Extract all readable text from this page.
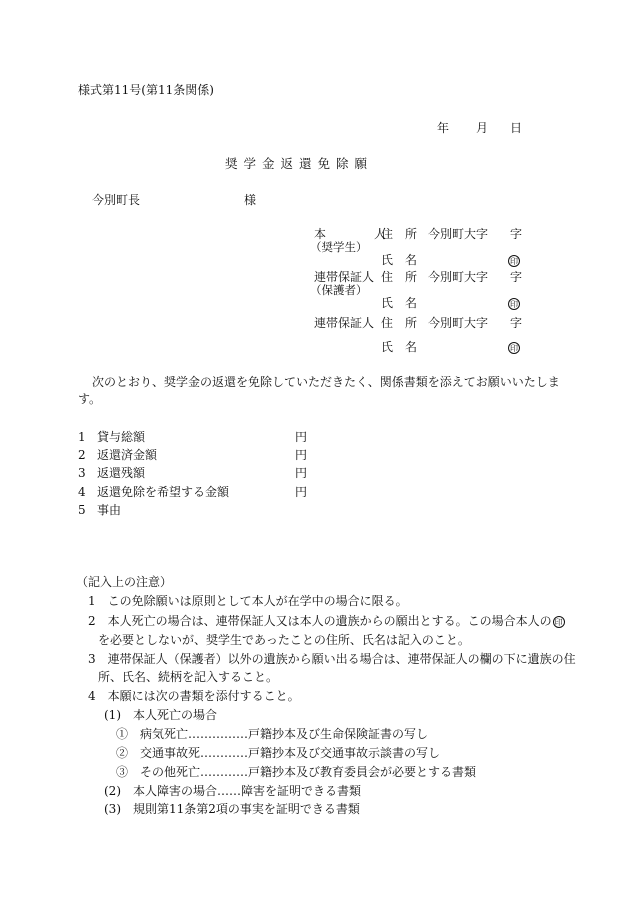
様式第11号(第11条関係)
年 月 日
奨学金返還免除願
今別町長	様
本　　　　人
（奨学生）
住　所 今別町大字 字
氏　名	印
連帯保証人
（保護者）
住　所 今別町大字 字
氏　名	印
連帯保証人 住　所 今別町大字 字
氏　名	印
次のとおり、奨学金の返還を免除していただきたく、関係書類を添えてお願いいたしま
す。
1 貸与総額	円
2 返還済金額	円
3 返還残額	円
4 返還免除を希望する金額	円
5 事由
（記入上の注意）
1　この免除願いは原則として本人が在学中の場合に限る。
2　本人死亡の場合は、連帯保証人又は本人の遺族からの願出とする。この場合本人の 印
を必要としないが、奨学生であったことの住所、氏名は記入のこと。
3　連帯保証人（保護者）以外の遺族から願い出る場合は、連帯保証人の欄の下に遺族の住
所、氏名、続柄を記入すること。
4　本願には次の書類を添付すること。
(1)　本人死亡の場合
①　病気死亡……………戸籍抄本及び生命保険証書の写し
②　交通事故死…………戸籍抄本及び交通事故示談書の写し
③　その他死亡…………戸籍抄本及び教育委員会が必要とする書類
(2)　本人障害の場合……障害を証明できる書類
(3)　規則第11条第2項の事実を証明できる書類
